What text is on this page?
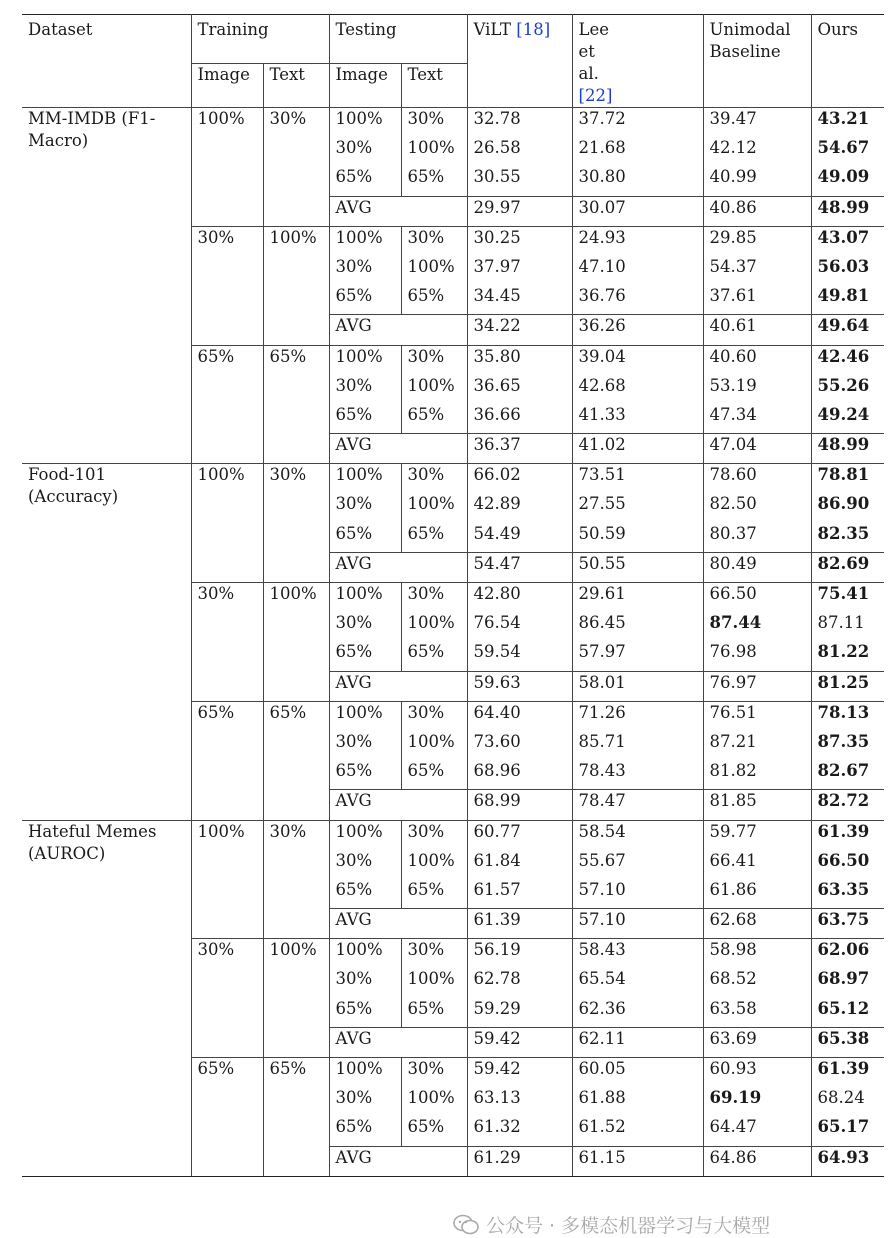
Dataset	Training		Testing		ViLT [18]	Lee
et
al.
[22]	Unimodal
Baseline	Ours
	Image	Text	Image	Text				

MM-IMDB (F1-
Macro)	100%	30%	100%	30%	32.78	37.72	39.47	43.21
			30%	100%	26.58	21.68	42.12	54.67
			65%	65%	30.55	30.80	40.99	49.09
			AVG		29.97	30.07	40.86	48.99
	30%	100%	100%	30%	30.25	24.93	29.85	43.07
			30%	100%	37.97	47.10	54.37	56.03
			65%	65%	34.45	36.76	37.61	49.81
			AVG		34.22	36.26	40.61	49.64
	65%	65%	100%	30%	35.80	39.04	40.60	42.46
			30%	100%	36.65	42.68	53.19	55.26
			65%	65%	36.66	41.33	47.34	49.24
			AVG		36.37	41.02	47.04	48.99

Food-101
(Accuracy)	100%	30%	100%	30%	66.02	73.51	78.60	78.81
			30%	100%	42.89	27.55	82.50	86.90
			65%	65%	54.49	50.59	80.37	82.35
			AVG		54.47	50.55	80.49	82.69
	30%	100%	100%	30%	42.80	29.61	66.50	75.41
			30%	100%	76.54	86.45	87.44	87.11
			65%	65%	59.54	57.97	76.98	81.22
			AVG		59.63	58.01	76.97	81.25
	65%	65%	100%	30%	64.40	71.26	76.51	78.13
			30%	100%	73.60	85.71	87.21	87.35
			65%	65%	68.96	78.43	81.82	82.67
			AVG		68.99	78.47	81.85	82.72

Hateful Memes
(AUROC)	100%	30%	100%	30%	60.77	58.54	59.77	61.39
			30%	100%	61.84	55.67	66.41	66.50
			65%	65%	61.57	57.10	61.86	63.35
			AVG		61.39	57.10	62.68	63.75
	30%	100%	100%	30%	56.19	58.43	58.98	62.06
			30%	100%	62.78	65.54	68.52	68.97
			65%	65%	59.29	62.36	63.58	65.12
			AVG		59.42	62.11	63.69	65.38
	65%	65%	100%	30%	59.42	60.05	60.93	61.39
			30%	100%	63.13	61.88	69.19	68.24
			65%	65%	61.32	61.52	64.47	65.17
			AVG		61.29	61.15	64.86	64.93
公众号 · 多模态机器学习与大模型
